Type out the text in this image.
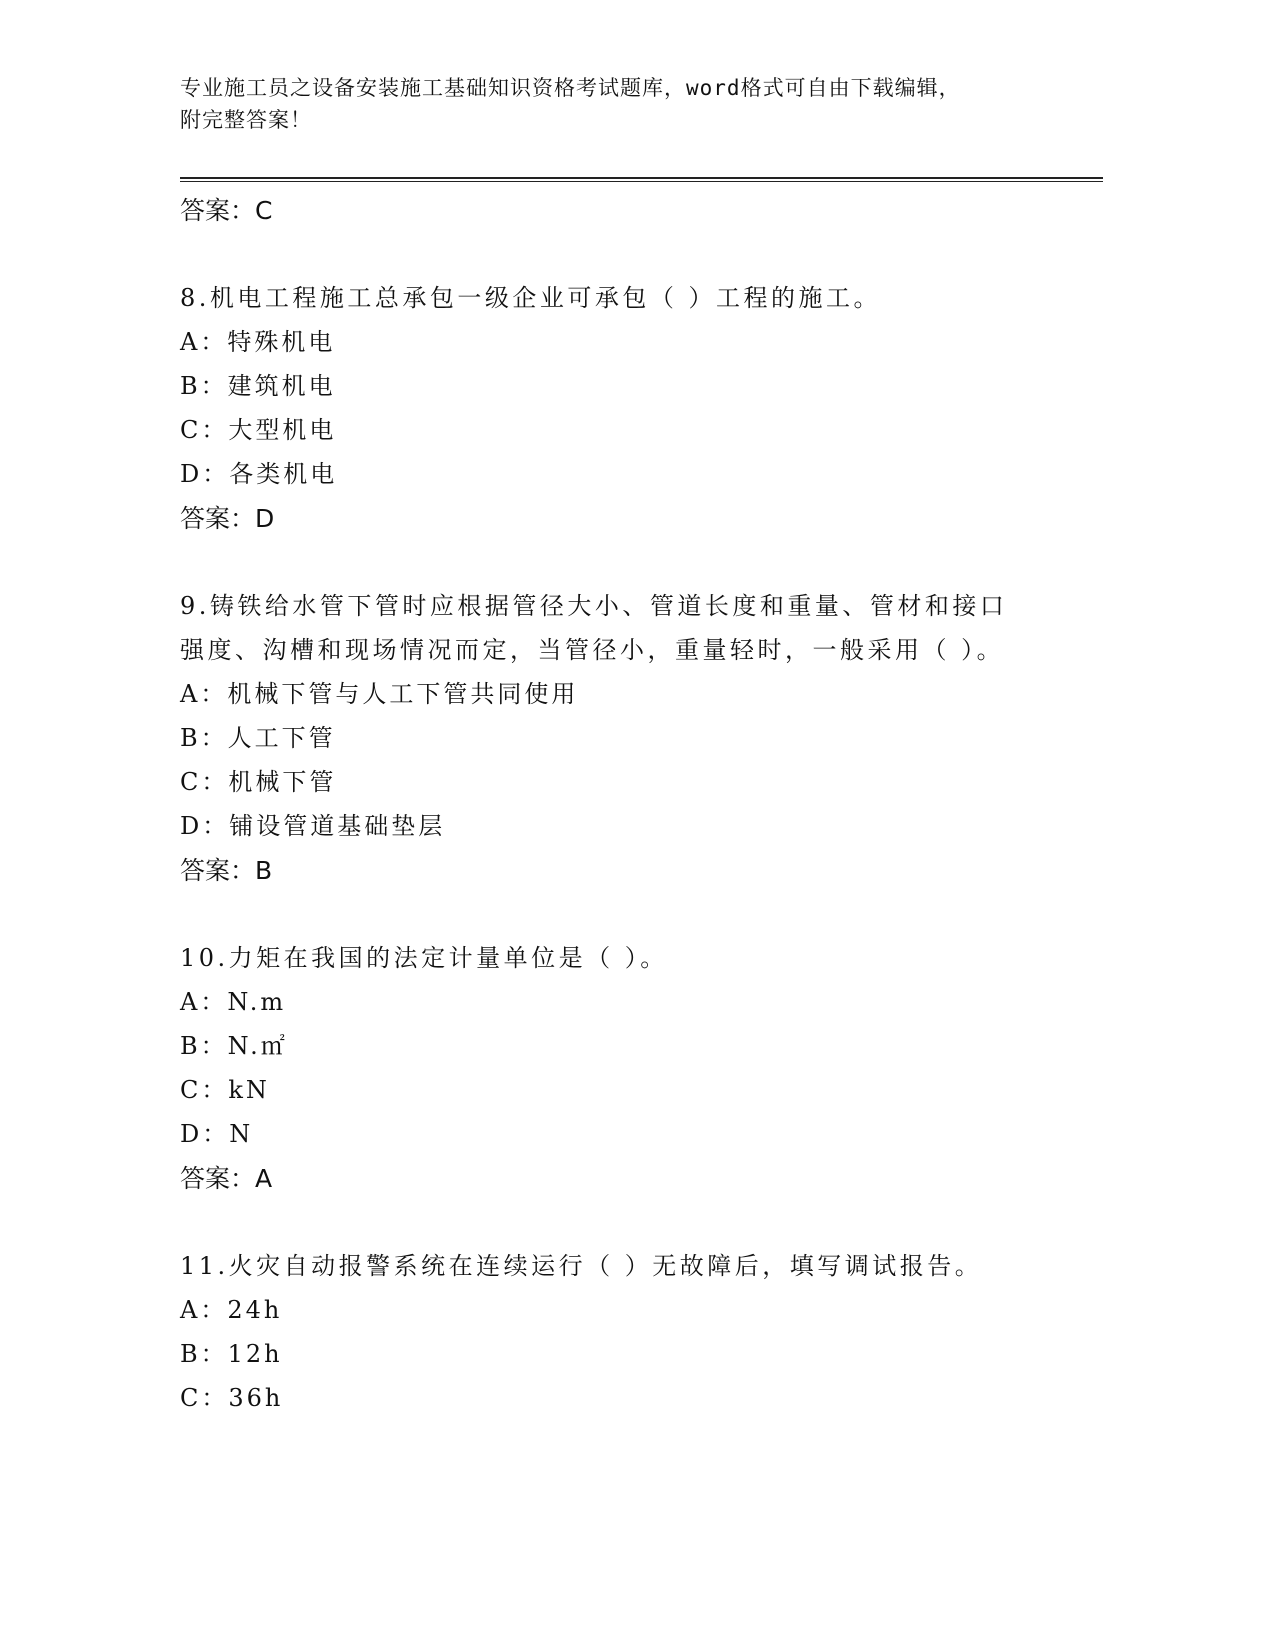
专业施工员之设备安装施工基础知识资格考试题库，word格式可自由下载编辑，
附完整答案！
答案：C
8.机电工程施工总承包一级企业可承包（ ）工程的施工。
A：特殊机电
B：建筑机电
C：大型机电
D：各类机电
答案：D
9.铸铁给水管下管时应根据管径大小、管道长度和重量、管材和接口
强度、沟槽和现场情况而定，当管径小，重量轻时，一般采用（ ）。
A：机械下管与人工下管共同使用
B：人工下管
C：机械下管
D：铺设管道基础垫层
答案：B
10.力矩在我国的法定计量单位是（ ）。
A：N.m
B：N.㎡
C：kN
D：N
答案：A
11.火灾自动报警系统在连续运行（ ）无故障后，填写调试报告。
A：24h
B：12h
C：36h
